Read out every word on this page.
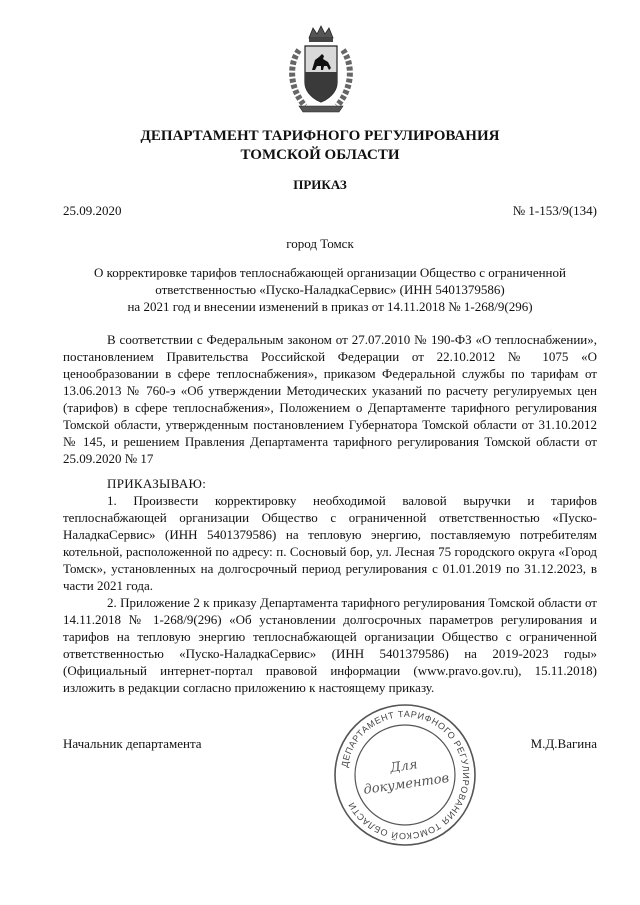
ДЕПАРТАМЕНТ ТАРИФНОГО РЕГУЛИРОВАНИЯ
ТОМСКОЙ ОБЛАСТИ
ПРИКАЗ
25.09.2020	№ 1-153/9(134)
город Томск
О корректировке тарифов теплоснабжающей организации Общество с ограниченной
ответственностью «Пуско-НаладкаСервис» (ИНН 5401379586)
на 2021 год и внесении изменений в приказ от 14.11.2018 № 1-268/9(296)

В соответствии с Федеральным законом от 27.07.2010 № 190-ФЗ «О теплоснабжении», постановлением Правительства Российской Федерации от 22.10.2012 № 1075 «О ценообразовании в сфере теплоснабжения», приказом Федеральной службы по тарифам от 13.06.2013 № 760-э «Об утверждении Методических указаний по расчету регулируемых цен (тарифов) в сфере теплоснабжения», Положением о Департаменте тарифного регулирования Томской области, утвержденным постановлением Губернатора Томской области от 31.10.2012 № 145, и решением Правления Департамента тарифного регулирования Томской области от 25.09.2020 № 17

ПРИКАЗЫВАЮ:

1. Произвести корректировку необходимой валовой выручки и тарифов теплоснабжающей организации Общество с ограниченной ответственностью «Пуско-НаладкаСервис» (ИНН 5401379586) на тепловую энергию, поставляемую потребителям котельной, расположенной по адресу: п. Сосновый бор, ул. Лесная 75 городского округа «Город Томск», установленных на долгосрочный период регулирования с 01.01.2019 по 31.12.2023, в части 2021 года.

2. Приложение 2 к приказу Департамента тарифного регулирования Томской области от 14.11.2018 № 1-268/9(296) «Об установлении долгосрочных параметров регулирования и тарифов на тепловую энергию теплоснабжающей организации Общество с ограниченной ответственностью «Пуско-НаладкаСервис» (ИНН 5401379586) на 2019-2023 годы» (Официальный интернет-портал правовой информации (www.pravo.gov.ru), 15.11.2018) изложить в редакции согласно приложению к настоящему приказу.

Начальник департамента	М.Д.Вагина
ДЕПАРТАМЕНТ ТАРИФНОГО РЕГУЛИРОВАНИЯ ТОМСКОЙ ОБЛАСТИ
Для
документов
